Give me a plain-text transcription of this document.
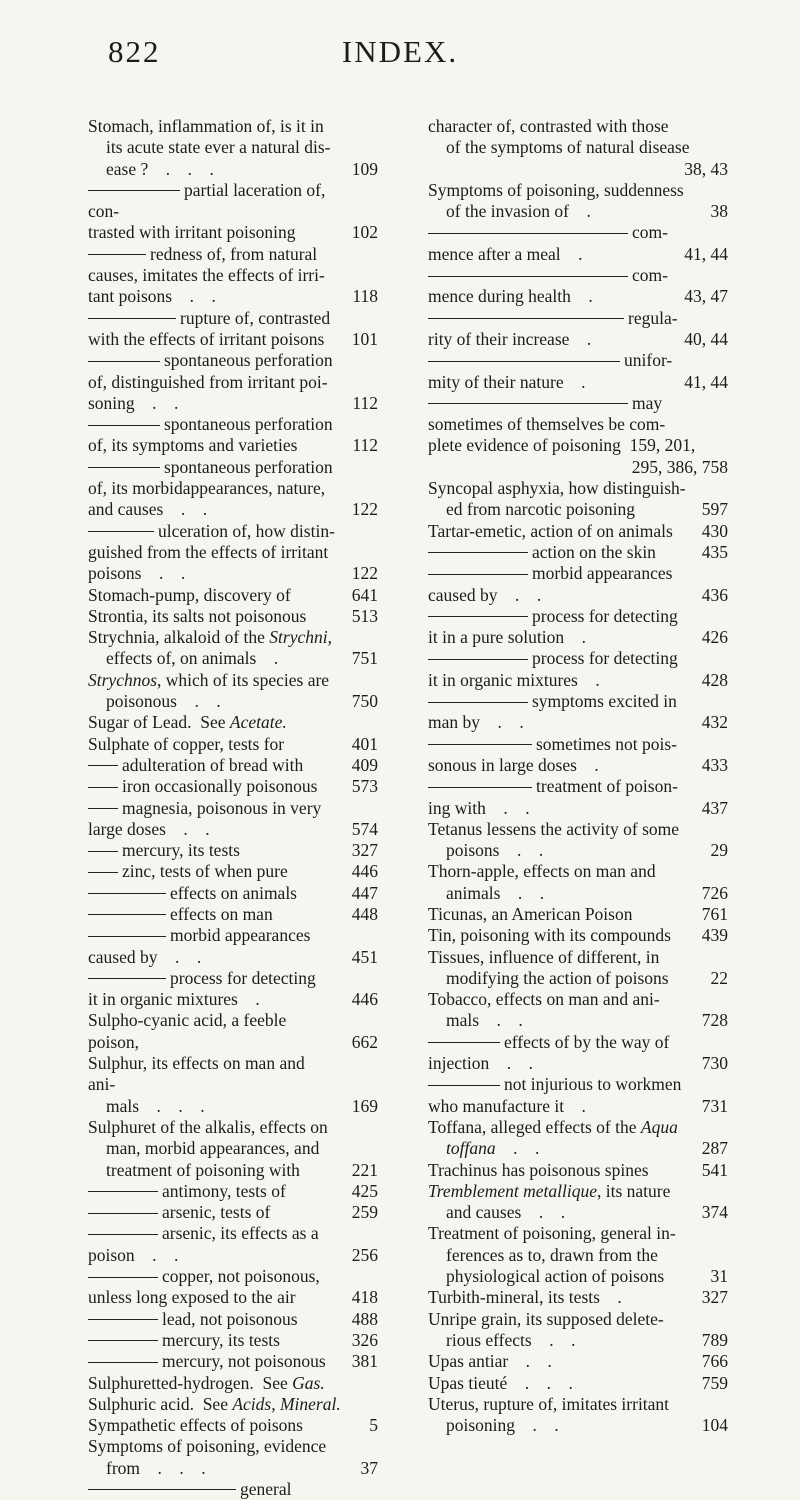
822	INDEX.
Stomach, inflammation of, is it in
its acute state ever a natural dis-
ease ?    .    .    .	109
partial laceration of, con-
trasted with irritant poisoning	102
redness of, from natural
causes, imitates the effects of irri-
tant poisons    .    .	118
rupture of, contrasted
with the effects of irritant poisons	101
spontaneous perforation
of, distinguished from irritant poi-
soning    .    .	112
spontaneous perforation
of, its symptoms and varieties	112
spontaneous perforation
of, its morbidappearances, nature,
and causes    .    .	122
ulceration of, how distin-
guished from the effects of irritant
poisons    .    .	122
Stomach-pump, discovery of	641
Strontia, its salts not poisonous	513
Strychnia, alkaloid of the Strychni,
effects of, on animals    .	751
Strychnos, which of its species are
poisonous    .    .	750
Sugar of Lead.  See Acetate.
Sulphate of copper, tests for	401
adulteration of bread with	409
iron occasionally poisonous	573
magnesia, poisonous in very
large doses    .    .	574
mercury, its tests	327
zinc, tests of when pure	446
effects on animals	447
effects on man	448
morbid appearances
caused by    .    .	451
process for detecting
it in organic mixtures    .	446
Sulpho-cyanic acid, a feeble poison,	662
Sulphur, its effects on man and ani-
mals    .    .    .	169
Sulphuret of the alkalis, effects on
man, morbid appearances, and
treatment of poisoning with	221
antimony, tests of	425
arsenic, tests of	259
arsenic, its effects as a
poison    .    .	256
copper, not poisonous,
unless long exposed to the air	418
lead, not poisonous	488
mercury, its tests	326
mercury, not poisonous	381
Sulphuretted-hydrogen.  See Gas.
Sulphuric acid.  See Acids, Mineral.
Sympathetic effects of poisons	5
Symptoms of poisoning, evidence
from    .    .    .	37
general
character of, contrasted with those
of the symptoms of natural disease

38, 43
Symptoms of poisoning, suddenness
of the invasion of    .	38
com-
mence after a meal    .	41, 44
com-
mence during health    .	43, 47
regula-
rity of their increase    .	40, 44
unifor-
mity of their nature    .	41, 44
may
sometimes of themselves be com-
plete evidence of poisoning  159, 201,

295, 386, 758
Syncopal asphyxia, how distinguish-
ed from narcotic poisoning	597
Tartar-emetic, action of on animals	430
action on the skin	435
morbid appearances
caused by    .    .	436
process for detecting
it in a pure solution    .	426
process for detecting
it in organic mixtures    .	428
symptoms excited in
man by    .    .	432
sometimes not pois-
sonous in large doses    .	433
treatment of poison-
ing with    .    .	437
Tetanus lessens the activity of some
poisons    .    .	29
Thorn-apple, effects on man and
animals    .    .	726
Ticunas, an American Poison	761
Tin, poisoning with its compounds	439
Tissues, influence of different, in
modifying the action of poisons	22
Tobacco, effects on man and ani-
mals    .    .	728
effects of by the way of
injection    .    .	730
not injurious to workmen
who manufacture it    .	731
Toffana, alleged effects of the Aqua
toffana    .    .	287
Trachinus has poisonous spines	541
Tremblement metallique, its nature
and causes    .    .	374
Treatment of poisoning, general in-
ferences as to, drawn from the
physiological action of poisons	31
Turbith-mineral, its tests    .	327
Unripe grain, its supposed delete-
rious effects    .    .	789
Upas antiar    .    .	766
Upas tieuté    .    .    .	759
Uterus, rupture of, imitates irritant
poisoning    .    .	104
